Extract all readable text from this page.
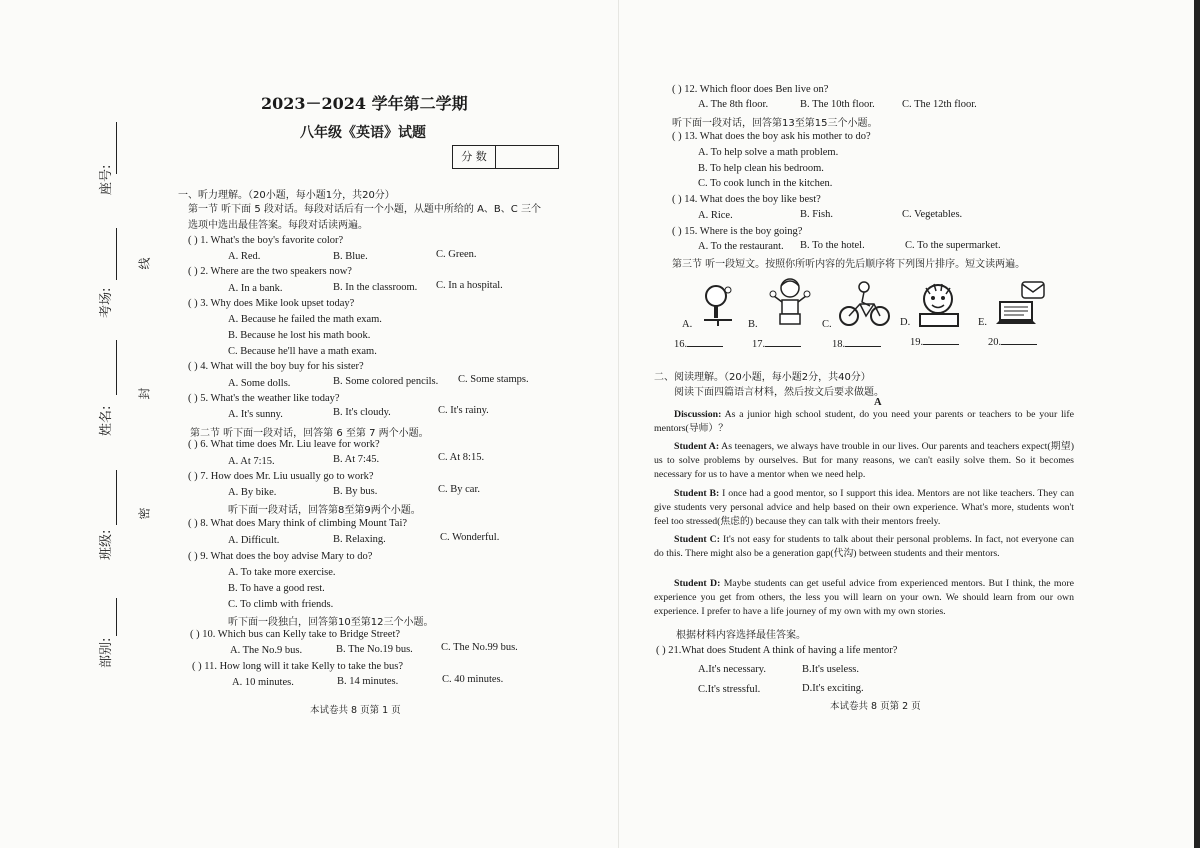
座号:
考场:
姓名:
班级:
部别:
线
封
密
2023－2024 学年第二学期
八年级《英语》试题
分 数
一、听力理解。（20小题，每小题1分，共20分）
第一节 听下面 5 段对话。每段对话后有一个小题，从题中所给的 A、B、C 三个
选项中选出最佳答案。每段对话读两遍。
( ) 1. What's the boy's favorite color?
A. Red.	B. Blue.	C. Green.
( ) 2. Where are the two speakers now?
A. In a bank.	B. In the classroom. C. In a hospital.
( ) 3. Why does Mike look upset today?
A. Because he failed the math exam.
B. Because he lost his math book.
C. Because he'll have a math exam.
( ) 4. What will the boy buy for his sister?
A. Some dolls.	B. Some colored pencils. C. Some stamps.
( ) 5. What's the weather like today?
A. It's sunny.	B. It's cloudy.	C. It's rainy.
第二节 听下面一段对话，回答第 6 至第 7 两个小题。
( ) 6. What time does Mr. Liu leave for work?
A. At 7:15.	B. At 7:45.	C. At 8:15.
( ) 7. How does Mr. Liu usually go to work?
A. By bike.	B. By bus.	C. By car.
听下面一段对话，回答第8至第9两个小题。
( ) 8. What does Mary think of climbing Mount Tai?
A. Difficult.	B. Relaxing.	C. Wonderful.
( ) 9. What does the boy advise Mary to do?
A. To take more exercise.
B. To have a good rest.
C. To climb with friends.
听下面一段独白，回答第10至第12三个小题。
( ) 10. Which bus can Kelly take to Bridge Street?
A. The No.9 bus.	B. The No.19 bus.	C. The No.99 bus.
( ) 11. How long will it take Kelly to take the bus?
A. 10 minutes.	B. 14 minutes.	C. 40 minutes.
本试卷共 8 页第 1 页
( ) 12. Which floor does Ben live on?
A. The 8th floor.	B. The 10th floor.	C. The 12th floor.
听下面一段对话，回答第13至第15三个小题。
( ) 13. What does the boy ask his mother to do?
A. To help solve a math problem.
B. To help clean his bedroom.
C. To cook lunch in the kitchen.
( ) 14. What does the boy like best?
A. Rice.	B. Fish.	C. Vegetables.
( ) 15. Where is the boy going?
A. To the restaurant. B. To the hotel.	C. To the supermarket.
第三节 听一段短文。按照你所听内容的先后顺序将下列图片排序。短文读两遍。
A.	B.	C.	D.	E.
16.	17.	18.	19.	20.
二、阅读理解。（20小题，每小题2分，共40分）
阅读下面四篇语言材料，然后按文后要求做题。
A
Discussion: As a junior high school student, do you need your parents or teachers to be your life mentors(导师）？
Student A: As teenagers, we always have trouble in our lives. Our parents and teachers expect(期望) us to solve problems by ourselves. But for many reasons, we can't easily solve them. So it becomes necessary for us to have a mentor when we need help.
Student B: I once had a good mentor, so I support this idea. Mentors are not like teachers. They can give students very personal advice and help based on their own experience. What's more, students won't feel too stressed(焦虑的) because they can talk with their mentors freely.
Student C: It's not easy for students to talk about their personal problems. In fact, not everyone can do this. There might also be a generation gap(代沟) between students and their mentors.
Student D: Maybe students can get useful advice from experienced mentors. But I think, the more experience you get from others, the less you will learn on your own. We should learn from our own experience. I prefer to have a life journey of my own with my own stories.
根据材料内容选择最佳答案。
( ) 21.What does Student A think of having a life mentor?
A.It's necessary.	B.It's useless.
C.It's stressful.	D.It's exciting.
本试卷共 8 页第 2 页
